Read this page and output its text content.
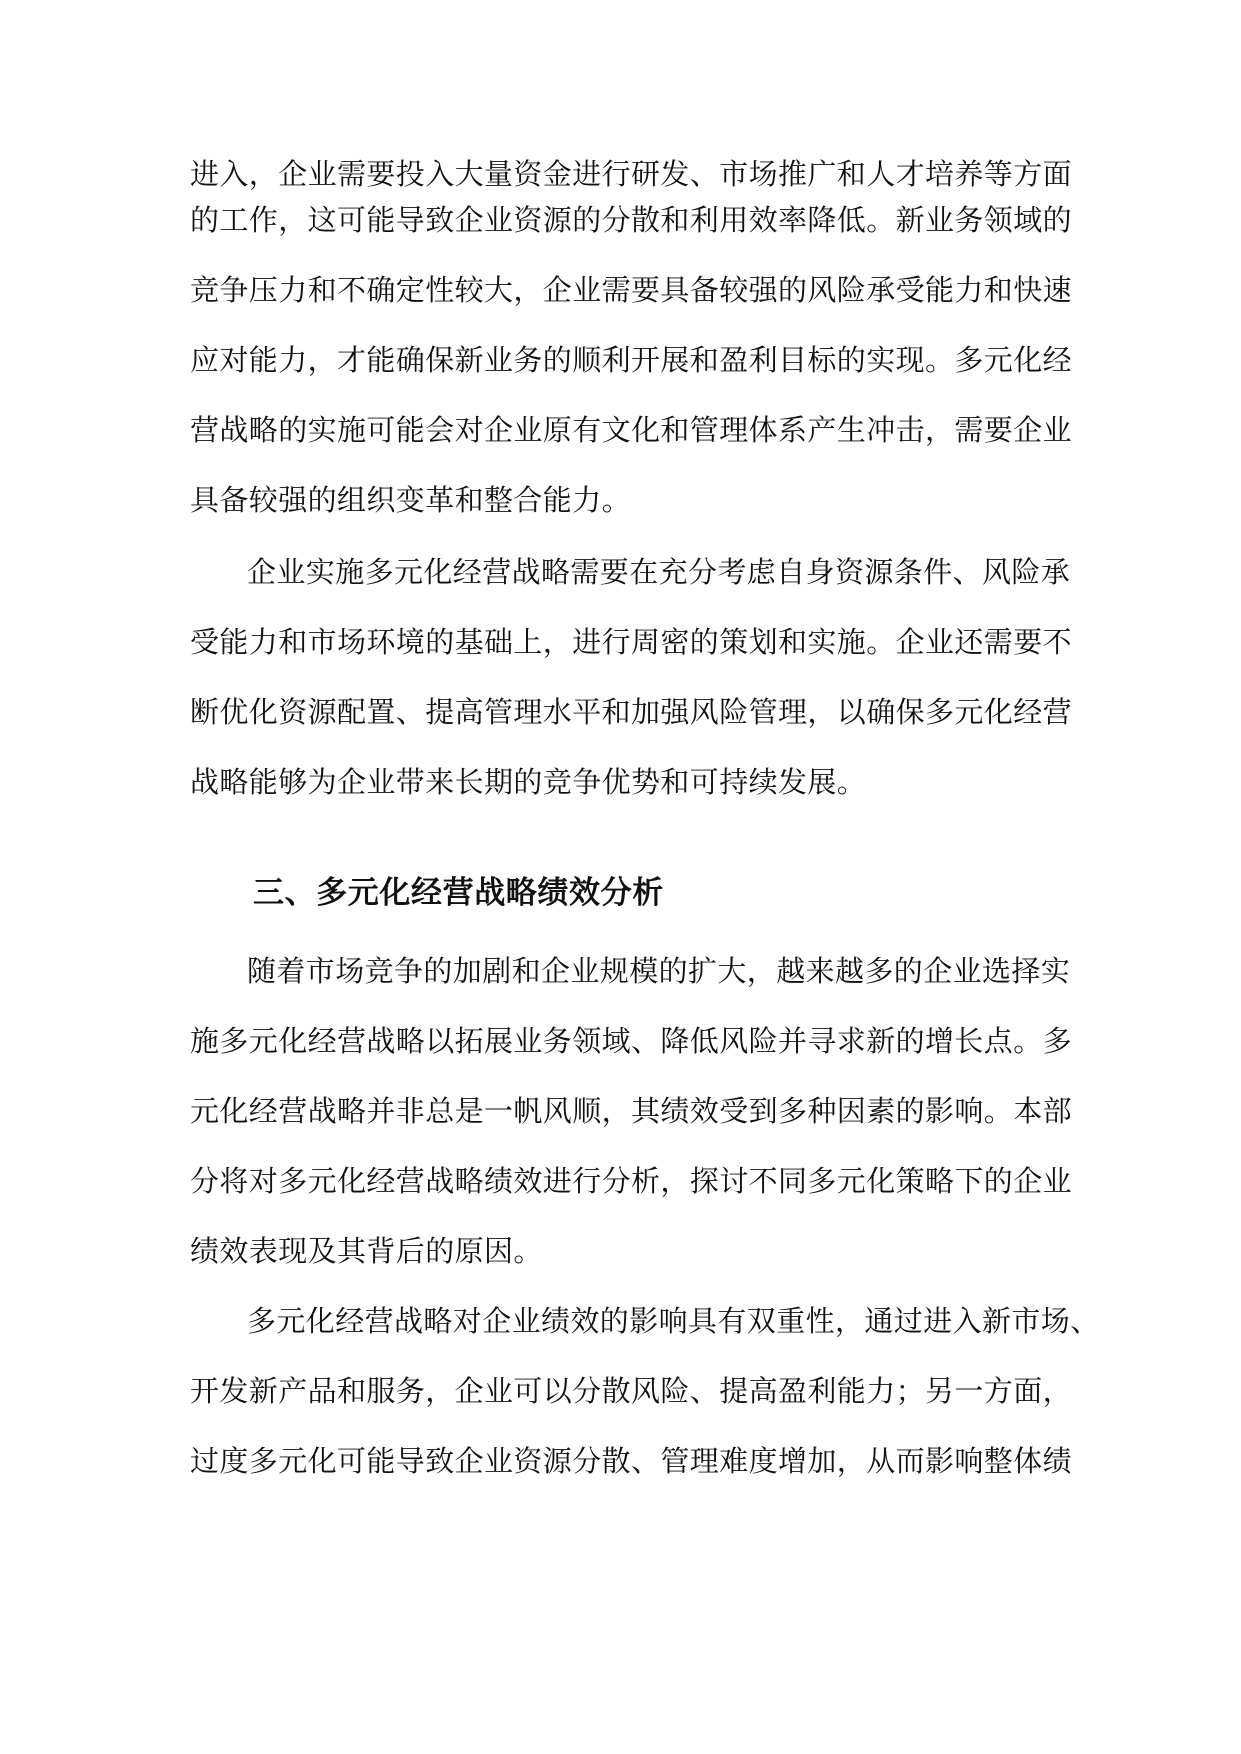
进入，企业需要投入大量资金进行研发、市场推广和人才培养等方面
的工作，这可能导致企业资源的分散和利用效率降低。新业务领域的
竞争压力和不确定性较大，企业需要具备较强的风险承受能力和快速
应对能力，才能确保新业务的顺利开展和盈利目标的实现。多元化经
营战略的实施可能会对企业原有文化和管理体系产生冲击，需要企业
具备较强的组织变革和整合能力。
企业实施多元化经营战略需要在充分考虑自身资源条件、风险承
受能力和市场环境的基础上，进行周密的策划和实施。企业还需要不
断优化资源配置、提高管理水平和加强风险管理，以确保多元化经营
战略能够为企业带来长期的竞争优势和可持续发展。
三、多元化经营战略绩效分析
随着市场竞争的加剧和企业规模的扩大，越来越多的企业选择实
施多元化经营战略以拓展业务领域、降低风险并寻求新的增长点。多
元化经营战略并非总是一帆风顺，其绩效受到多种因素的影响。本部
分将对多元化经营战略绩效进行分析，探讨不同多元化策略下的企业
绩效表现及其背后的原因。
多元化经营战略对企业绩效的影响具有双重性，通过进入新市场、
开发新产品和服务，企业可以分散风险、提高盈利能力；另一方面，
过度多元化可能导致企业资源分散、管理难度增加，从而影响整体绩
